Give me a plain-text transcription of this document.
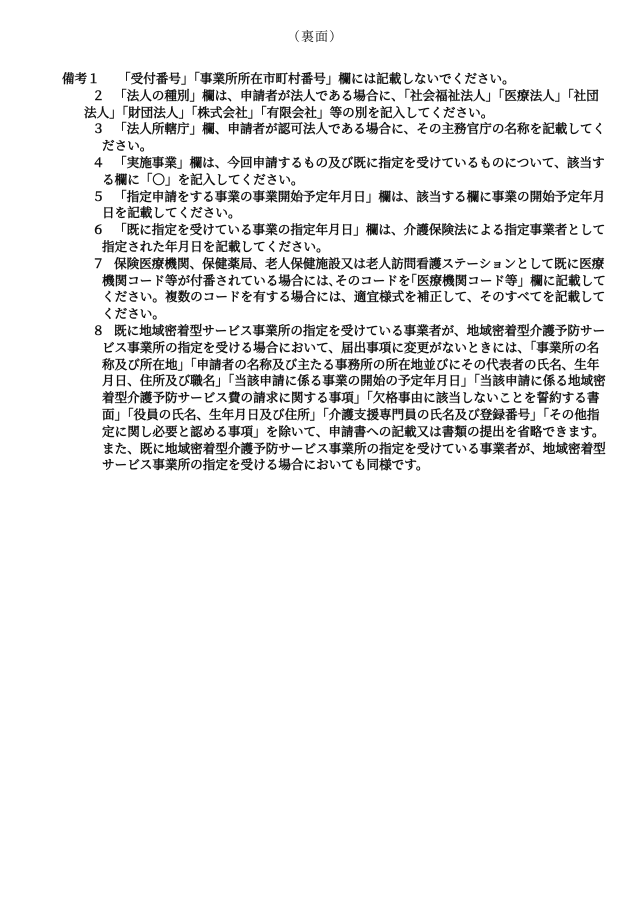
（裏面）
備考１	「受付番号」「事業所所在市町村番号」欄には記載しないでください。
２ 「法人の種別」欄は、申請者が法人である場合に、「社会福祉法人」「医療法人」「社団法人」「財団法人」「株式会社」「有限会社」等の別を記入してください。
３ 「法人所轄庁」欄、申請者が認可法人である場合に、その主務官庁の名称を記載してください。
４ 「実施事業」欄は、今回申請するもの及び既に指定を受けているものについて、該当する欄に「〇」を記入してください。
５ 「指定申請をする事業の事業開始予定年月日」欄は、該当する欄に事業の開始予定年月日を記載してください。
６ 「既に指定を受けている事業の指定年月日」欄は、介護保険法による指定事業者として指定された年月日を記載してください。
７ 保険医療機関、保健薬局、老人保健施設又は老人訪問看護ステーションとして既に医療機関コード等が付番されている場合には､そのコードを｢医療機関コード等」欄に記載してください。複数のコードを有する場合には、適宜様式を補正して、そのすべてを記載してください。
８ 既に地域密着型サービス事業所の指定を受けている事業者が、地域密着型介護予防サービス事業所の指定を受ける場合において、届出事項に変更がないときには、「事業所の名称及び所在地」「申請者の名称及び主たる事務所の所在地並びにその代表者の氏名、生年月日、住所及び職名」「当該申請に係る事業の開始の予定年月日」「当該申請に係る地域密着型介護予防サービス費の請求に関する事項」「欠格事由に該当しないことを誓約する書面」「役員の氏名、生年月日及び住所」「介護支援専門員の氏名及び登録番号」｢その他指定に関し必要と認める事項」を除いて、申請書への記載又は書類の提出を省略できます。
また、既に地域密着型介護予防サービス事業所の指定を受けている事業者が、地域密着型サービス事業所の指定を受ける場合においても同様です。
